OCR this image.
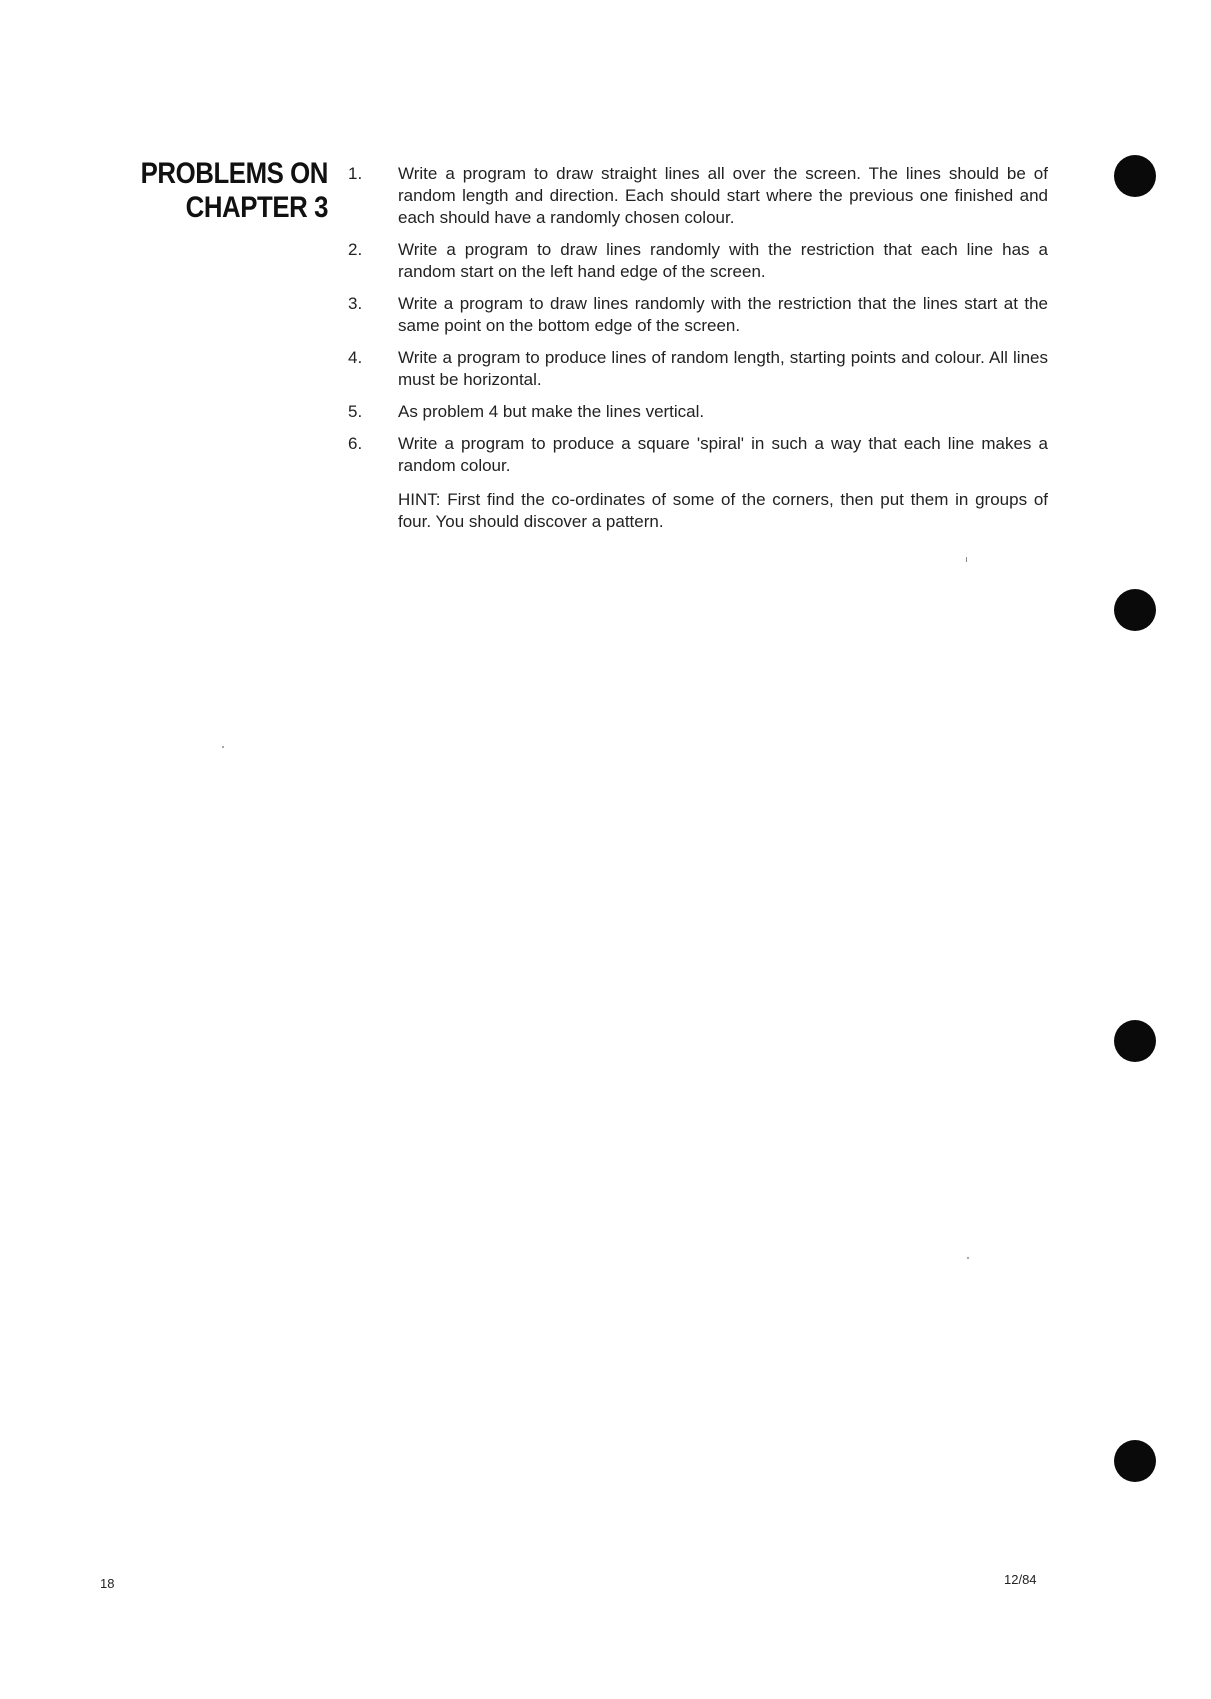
PROBLEMS ON
CHAPTER 3
1. Write a program to draw straight lines all over the screen. The lines should be of random length and direction. Each should start where the previous one finished and each should have a randomly chosen colour.
2. Write a program to draw lines randomly with the restriction that each line has a random start on the left hand edge of the screen.
3. Write a program to draw lines randomly with the restriction that the lines start at the same point on the bottom edge of the screen.
4. Write a program to produce lines of random length, starting points and colour. All lines must be horizontal.
5. As problem 4 but make the lines vertical.
6. Write a program to produce a square 'spiral' in such a way that each line makes a random colour.
HINT: First find the co-ordinates of some of the corners, then put them in groups of four. You should discover a pattern.
18	12/84
